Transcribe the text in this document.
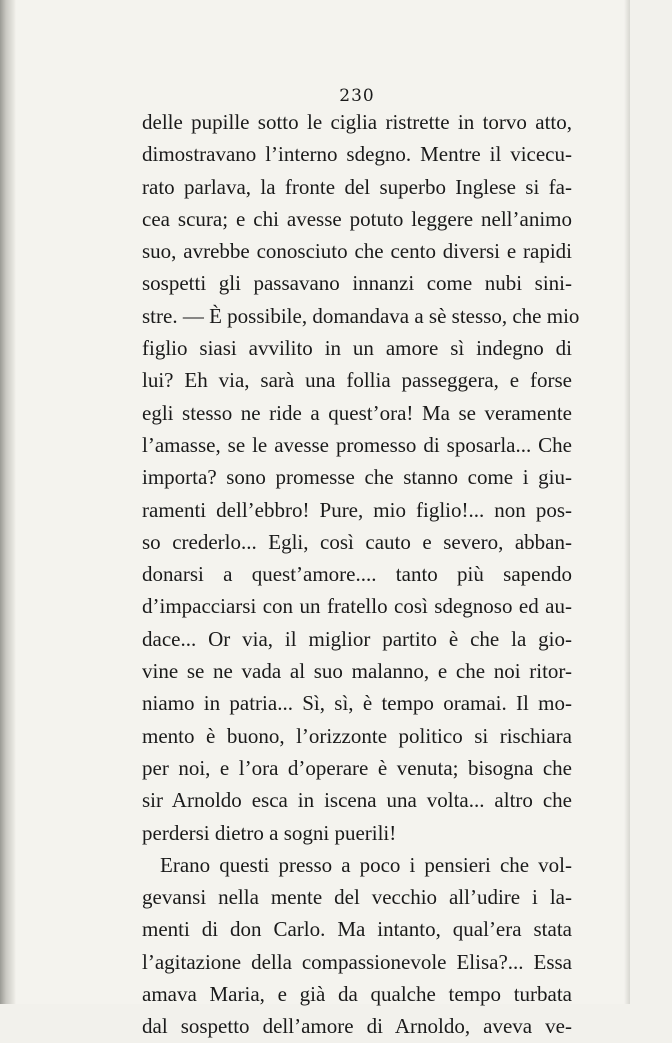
230
delle pupille sotto le ciglia ristrette in torvo atto,
dimostravano l’interno sdegno. Mentre il vicecu-
rato parlava, la fronte del superbo Inglese si fa-
cea scura; e chi avesse potuto leggere nell’animo
suo, avrebbe conosciuto che cento diversi e rapidi
sospetti gli passavano innanzi come nubi sini-
stre. — È possibile, domandava a sè stesso, che mio
figlio siasi avvilito in un amore sì indegno di
lui? Eh via, sarà una follia passeggera, e forse
egli stesso ne ride a quest’ora! Ma se veramente
l’amasse, se le avesse promesso di sposarla... Che
importa? sono promesse che stanno come i giu-
ramenti dell’ebbro! Pure, mio figlio!... non pos-
so crederlo... Egli, così cauto e severo, abban-
donarsi a quest’amore.... tanto più sapendo
d’impacciarsi con un fratello così sdegnoso ed au-
dace... Or via, il miglior partito è che la gio-
vine se ne vada al suo malanno, e che noi ritor-
niamo in patria... Sì, sì, è tempo oramai. Il mo-
mento è buono, l’orizzonte politico si rischiara
per noi, e l’ora d’operare è venuta; bisogna che
sir Arnoldo esca in iscena una volta... altro che
perdersi dietro a sogni puerili!
Erano questi presso a poco i pensieri che vol-
gevansi nella mente del vecchio all’udire i la-
menti di don Carlo. Ma intanto, qual’era stata
l’agitazione della compassionevole Elisa?... Essa
amava Maria, e già da qualche tempo turbata
dal sospetto dell’amore di Arnoldo, aveva ve-
